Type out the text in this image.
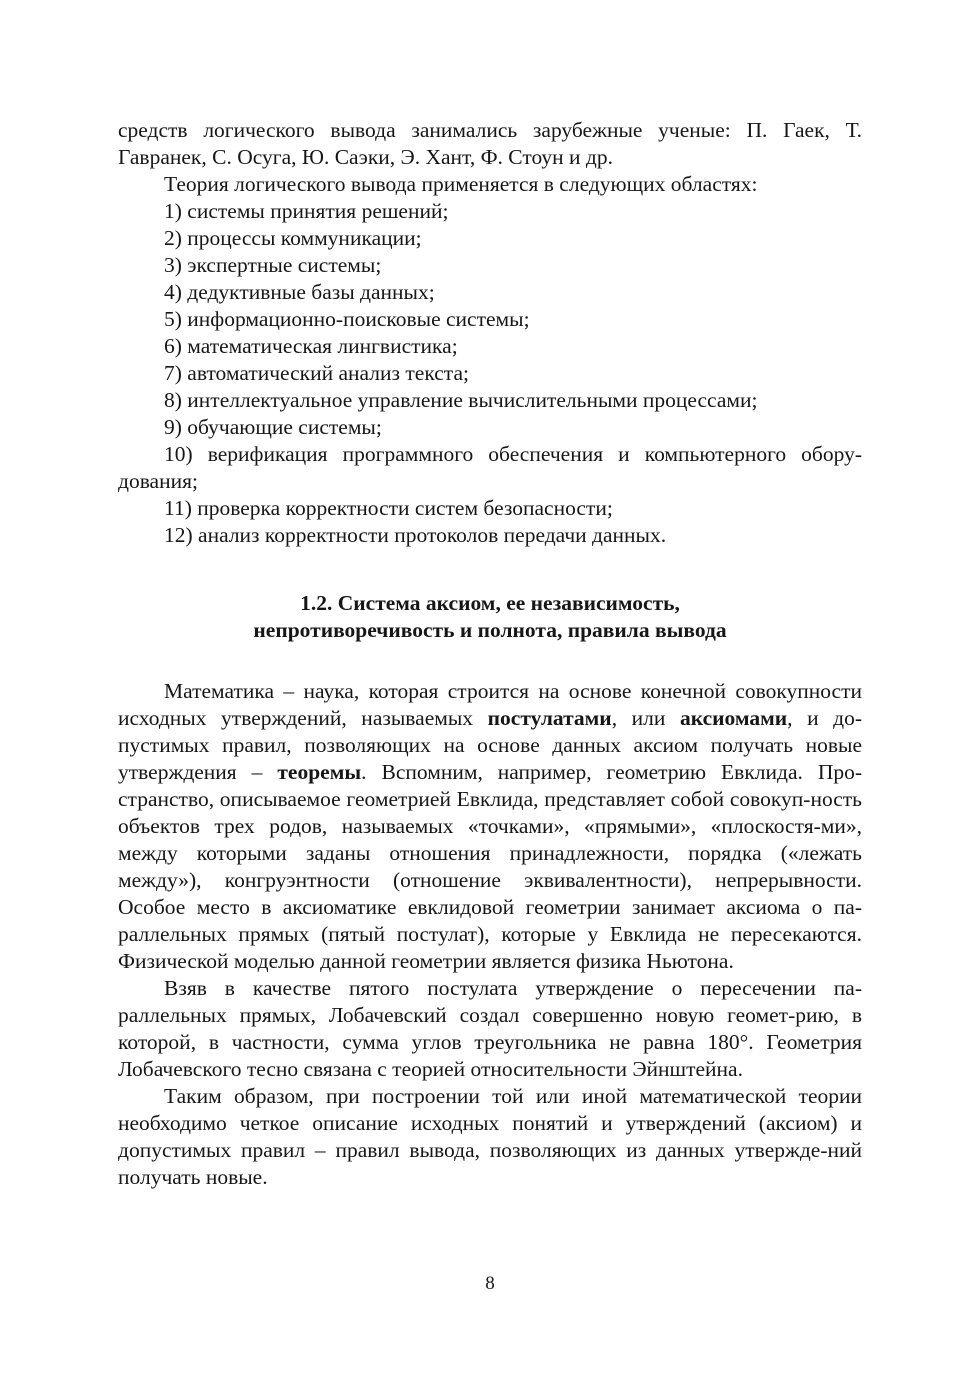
средств логического вывода занимались зарубежные ученые: П. Гаек, Т. Гавранек, С. Осуга, Ю. Саэки, Э. Хант, Ф. Стоун и др.

Теория логического вывода применяется в следующих областях:

1) системы принятия решений;
2) процессы коммуникации;
3) экспертные системы;
4) дедуктивные базы данных;
5) информационно-поисковые системы;
6) математическая лингвистика;
7) автоматический анализ текста;
8) интеллектуальное управление вычислительными процессами;
9) обучающие системы;
10) верификация программного обеспечения и компьютерного обору-дования;
11) проверка корректности систем безопасности;
12) анализ корректности протоколов передачи данных.
1.2. Система аксиом, ее независимость,
непротиворечивость и полнота, правила вывода

Математика – наука, которая строится на основе конечной совокупности исходных утверждений, называемых постулатами, или аксиомами, и до-пустимых правил, позволяющих на основе данных аксиом получать новые утверждения – теоремы. Вспомним, например, геометрию Евклида. Про-странство, описываемое геометрией Евклида, представляет собой совокуп-ность объектов трех родов, называемых «точками», «прямыми», «плоскостя-ми», между которыми заданы отношения принадлежности, порядка («лежать между»), конгруэнтности (отношение эквивалентности), непрерывности. Особое место в аксиоматике евклидовой геометрии занимает аксиома о па-раллельных прямых (пятый постулат), которые у Евклида не пересекаются. Физической моделью данной геометрии является физика Ньютона.

Взяв в качестве пятого постулата утверждение о пересечении па-раллельных прямых, Лобачевский создал совершенно новую геомет-рию, в которой, в частности, сумма углов треугольника не равна 180°. Геометрия Лобачевского тесно связана с теорией относительности Эйнштейна.

Таким образом, при построении той или иной математической теории необходимо четкое описание исходных понятий и утверждений (аксиом) и допустимых правил – правил вывода, позволяющих из данных утвержде-ний получать новые.

8
